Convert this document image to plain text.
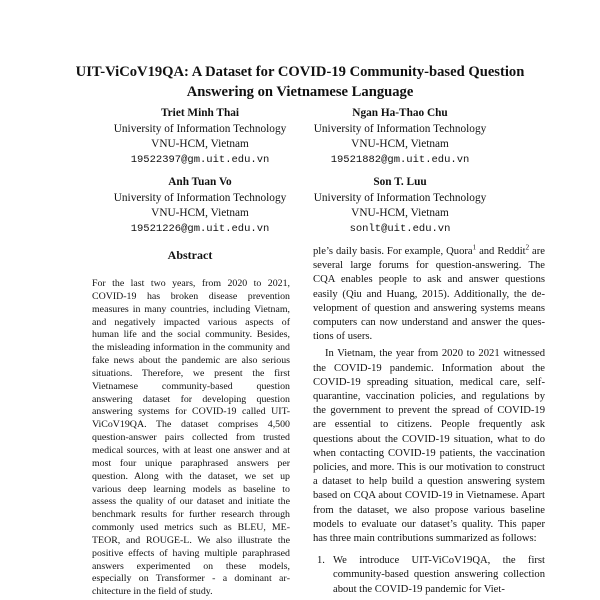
UIT-ViCoV19QA: A Dataset for COVID-19 Community-based Question Answering on Vietnamese Language
Triet Minh Thai
University of Information Technology
VNU-HCM, Vietnam
19522397@gm.uit.edu.vn
Ngan Ha-Thao Chu
University of Information Technology
VNU-HCM, Vietnam
19521882@gm.uit.edu.vn
Anh Tuan Vo
University of Information Technology
VNU-HCM, Vietnam
19521226@gm.uit.edu.vn
Son T. Luu
University of Information Technology
VNU-HCM, Vietnam
sonlt@uit.edu.vn
Abstract

For the last two years, from 2020 to 2021, COVID-19 has broken disease prevention measures in many countries, including Vietnam, and negatively impacted various aspects of human life and the social community. Besides, the misleading information in the community and fake news about the pandemic are also serious situations. Therefore, we present the first Vietnamese community-based question answering dataset for developing question answering systems for COVID-19 called UIT-ViCoV19QA. The dataset comprises 4,500 question-answer pairs collected from trusted medical sources, with at least one answer and at most four unique paraphrased answers per question. Along with the dataset, we set up various deep learning models as baseline to assess the quality of our dataset and initiate the benchmark results for further research through commonly used metrics such as BLEU, METEOR, and ROUGE-L. We also illustrate the positive effects of having multiple paraphrased answers experimented on these models, especially on Transformer - a dominant architecture in the field of study.

ple’s daily basis. For example, Quora$^1$ and Reddit$^2$ are several large forums for question-answering. The CQA enables people to ask and answer questions easily (Qiu and Huang, 2015). Additionally, the development of question and answering systems means computers can now understand and answer the questions of users.

In Vietnam, the year from 2020 to 2021 witnessed the COVID-19 pandemic. Information about the COVID-19 spreading situation, medical care, self-quarantine, vaccination policies, and regulations by the government to prevent the spread of COVID-19 are essential to citizens. People frequently ask questions about the COVID-19 situation, what to do when contacting COVID-19 patients, the vaccination policies, and more. This is our motivation to construct a dataset to help build a question answering system based on CQA about COVID-19 in Vietnamese. Apart from the dataset, we also propose various baseline models to evaluate our dataset’s quality. This paper has three main contributions summarized as follows:

1. We introduce UIT-ViCoV19QA, the first community-based question answering collection about the COVID-19 pandemic for Viet-
